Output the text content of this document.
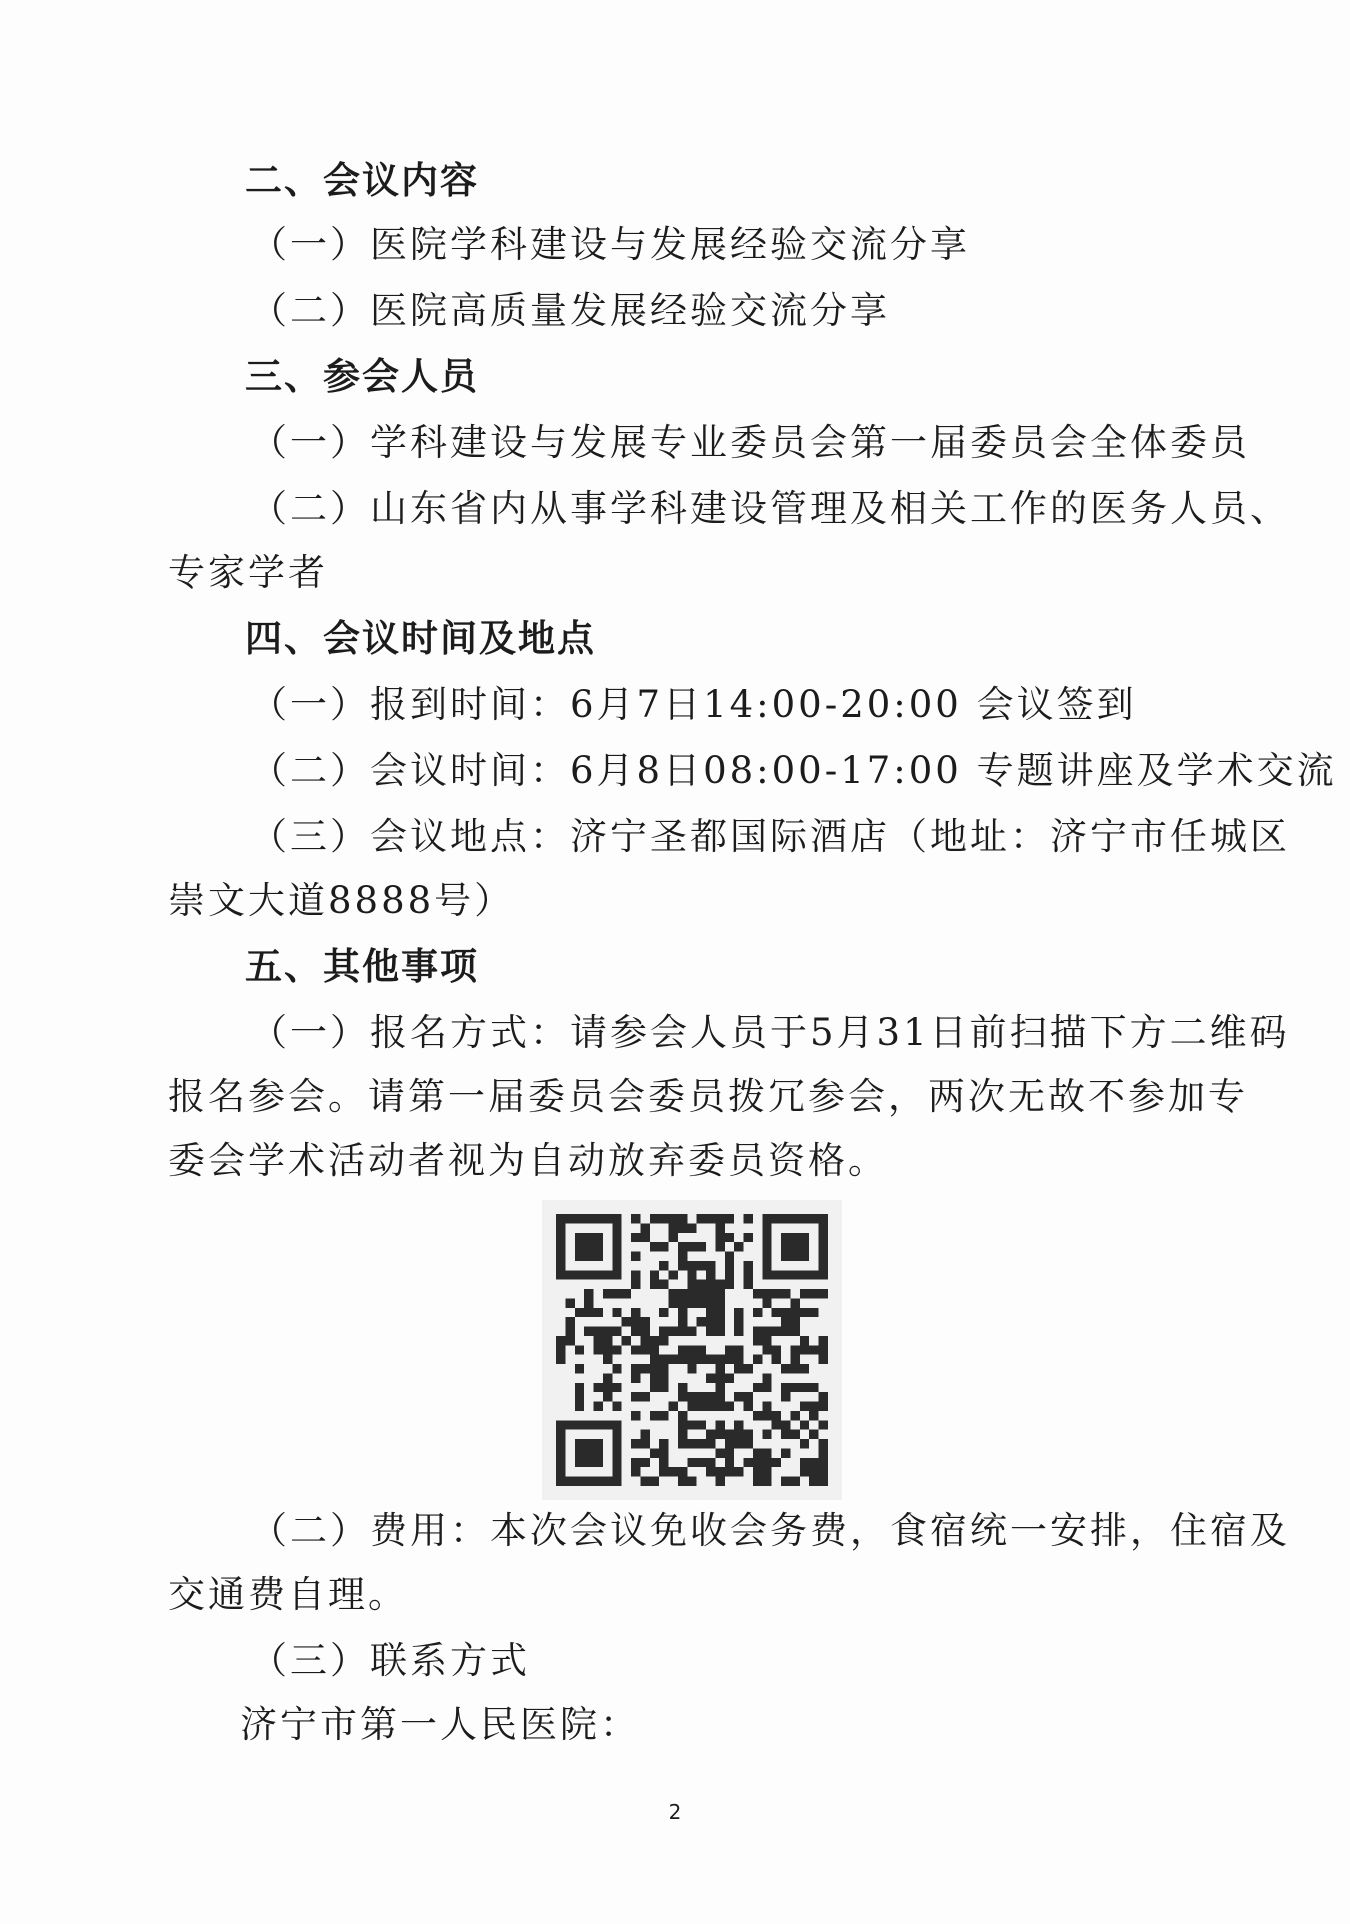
二、会议内容
（一）医院学科建设与发展经验交流分享
（二）医院高质量发展经验交流分享
三、参会人员
（一）学科建设与发展专业委员会第一届委员会全体委员
（二）山东省内从事学科建设管理及相关工作的医务人员、
专家学者
四、会议时间及地点
（一）报到时间：6月7日14:00-20:00 会议签到
（二）会议时间：6月8日08:00-17:00 专题讲座及学术交流
（三）会议地点：济宁圣都国际酒店（地址：济宁市任城区
崇文大道8888号）
五、其他事项
（一）报名方式：请参会人员于5月31日前扫描下方二维码
报名参会。请第一届委员会委员拨冗参会，两次无故不参加专
委会学术活动者视为自动放弃委员资格。
（二）费用：本次会议免收会务费，食宿统一安排，住宿及
交通费自理。
（三）联系方式
济宁市第一人民医院：
2
